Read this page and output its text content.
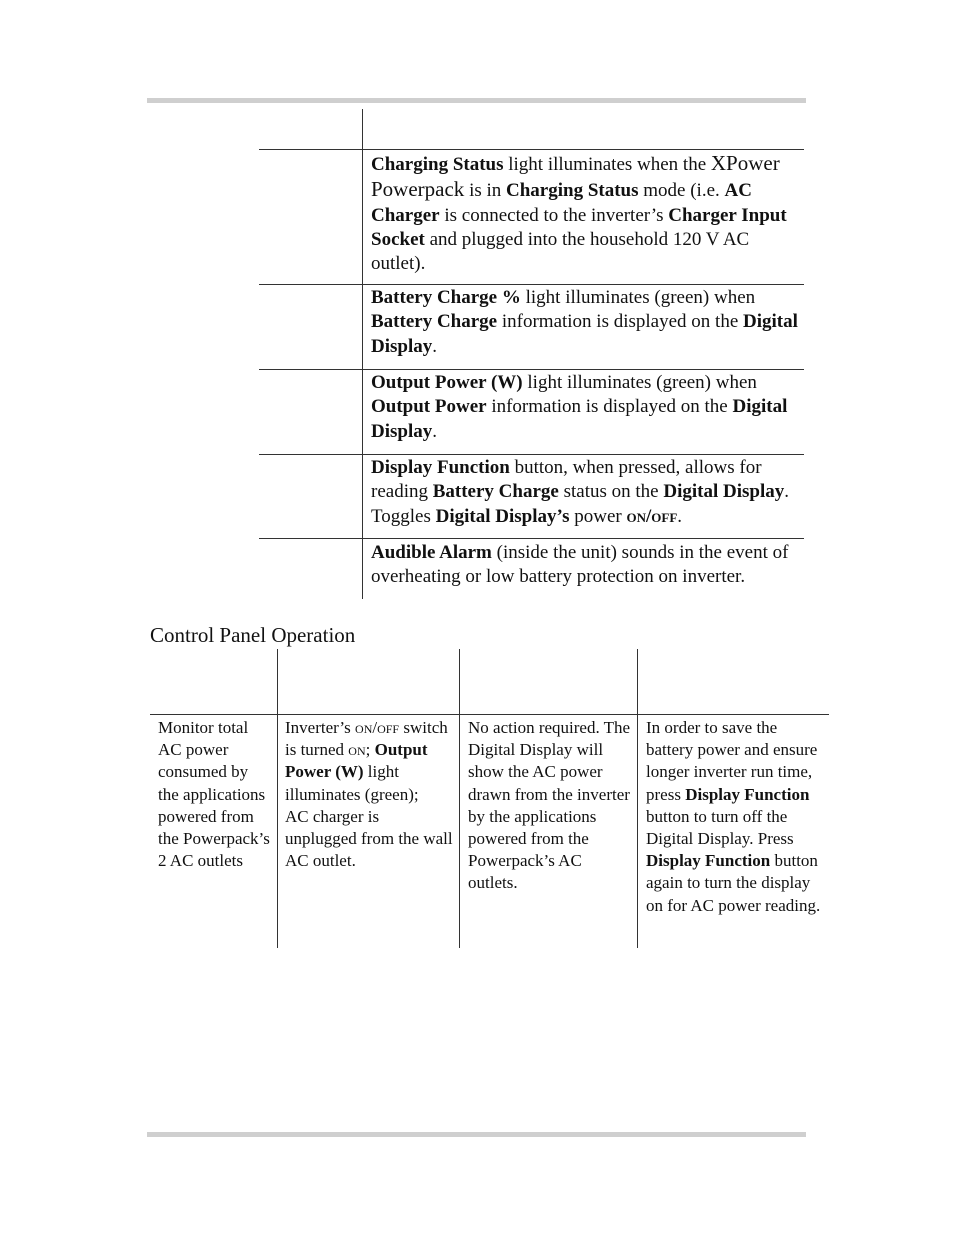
Charging Status light illuminates when the XPower Powerpack is in Charging Status mode (i.e. AC Charger is connected to the inverter’s Charger Input Socket and plugged into the household 120 V AC outlet).
Battery Charge % light illuminates (green) when Battery Charge information is displayed on the Digital Display.
Output Power (W) light illuminates (green) when Output Power information is displayed on the Digital Display.
Display Function button, when pressed, allows for reading Battery Charge status on the Digital Display. Toggles Digital Display’s power on/off.
Audible Alarm (inside the unit) sounds in the event of overheating or low battery protection on inverter.
Control Panel Operation
Monitor total AC power consumed by the applications powered from the Powerpack’s 2 AC outlets
Inverter’s on/off switch is turned on; Output Power (W) light illuminates (green);
AC charger is unplugged from the wall AC outlet.
No action required. The Digital Display will show the AC power drawn from the inverter by the applications powered from the Powerpack’s AC outlets.
In order to save the battery power and ensure longer inverter run time, press Display Function button to turn off the Digital Display. Press Display Function button again to turn the display on for AC power reading.
